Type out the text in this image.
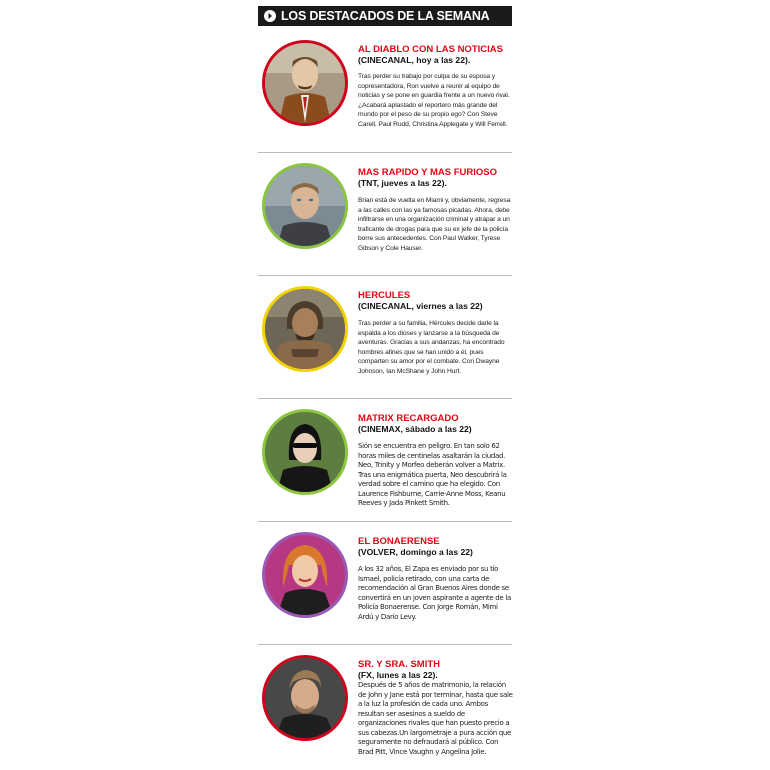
LOS DESTACADOS DE LA SEMANA
AL DIABLO CON LAS NOTICIAS
(CINECANAL, hoy a las 22).
Tras perder su trabajo por culpa de su esposa y copresentadora, Ron vuelve a reunir al equipo de noticias y se pone en guardia frente a un nuevo rival. ¿Acabará aplastado el reportero más grande del mundo por el peso de su propio ego? Con Steve Carell, Paul Rudd, Christina Applegate y Will Ferrell.
MAS RAPIDO Y MAS FURIOSO
(TNT, jueves a las 22).
Brian está de vuelta en Miami y, obviamente, regresa a las calles con las ya famosas picadas. Ahora, debe infiltrarse en una organización criminal y atrapar a un traficante de drogas para que su ex jefe de la policía borre sus antecedentes. Con Paul Walker, Tyrese Gibson y Cole Hauser.
HERCULES
(CINECANAL, viernes a las 22)
Tras perder a su familia, Hércules decide darle la espalda a los dioses y lanzarse a la búsqueda de aventuras. Gracias a sus andanzas, ha encontrado hombres afines que se han unido a él, pues comparten su amor por el combate. Con Dwayne Johnson, Ian McShane y John Hurt.
MATRIX RECARGADO
(CINEMAX, sábado a las 22)
Sión se encuentra en peligro. En tan solo 62 horas miles de centinelas asaltarán la ciudad. Neo, Trinity y Morfeo deberán volver a Matrix. Tras una enigmática puerta, Neo descubrirá la verdad sobre el camino que ha elegido. Con Laurence Fishburne, Carrie-Anne Moss, Keanu Reeves y Jada Pinkett Smith.
EL BONAERENSE
(VOLVER, domingo a las 22)
A los 32 años, El Zapa es enviado por su tío Ismael, policía retirado, con una carta de recomendación al Gran Buenos Aires donde se convertirá en un joven aspirante a agente de la Policía Bonaerense. Con Jorge Román, Mimí Ardú y Darío Levy.
SR. Y SRA. SMITH
(FX, lunes a las 22).
Después de 5 años de matrimonio, la relación de John y Jane está por terminar, hasta que sale a la luz la profesión de cada uno. Ambos resultan ser asesinos a sueldo de organizaciones rivales que han puesto precio a sus cabezas.Un largometraje a pura acción que seguramente no defraudará al público. Con Brad Pitt, Vince Vaughn y Angelina Jolie.
